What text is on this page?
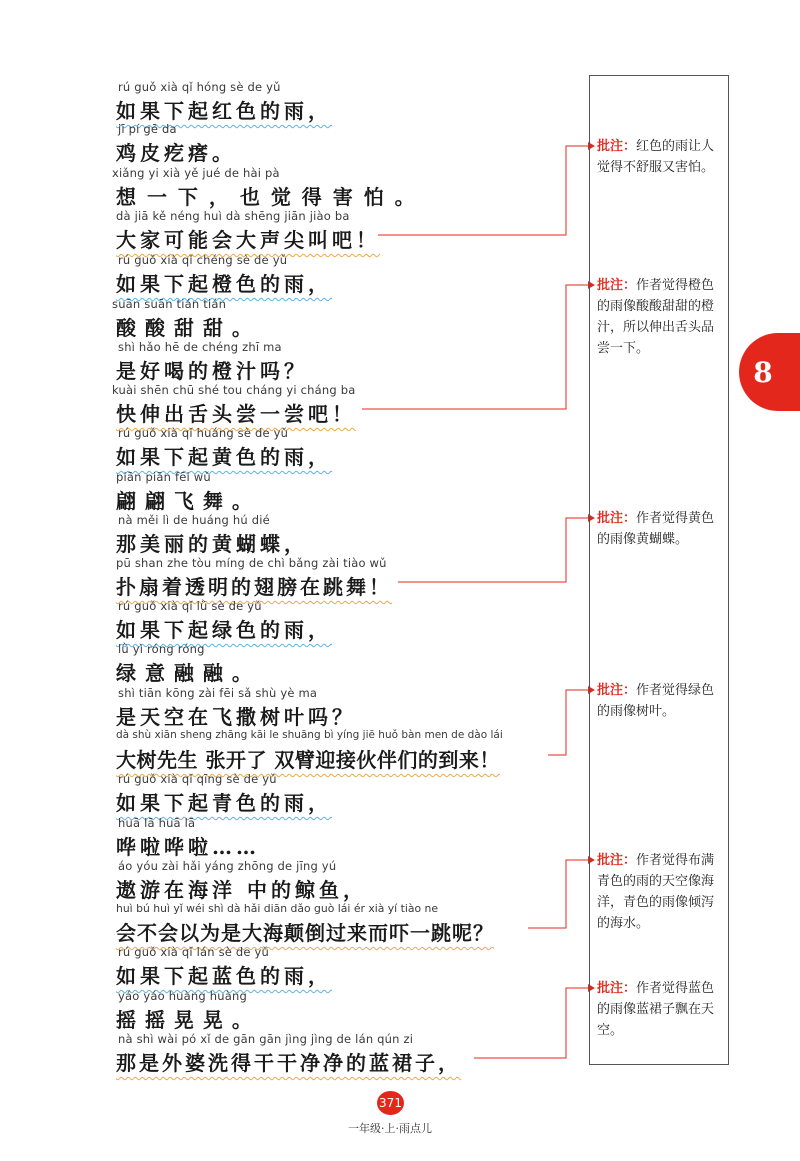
rú guǒ xià qǐ hóng sè de yǔ
如果下起红色的雨，
jī pí gē da
鸡皮疙瘩。
xiǎng yi xià yě jué de hài pà
想 一 下 ， 也 觉 得 害 怕 。
dà jiā kě néng huì dà shēng jiān jiào ba
大家可能会大声尖叫吧！
rú guǒ xià qǐ chéng sè de yǔ
如果下起橙色的雨，
suān suān tián tián
酸 酸 甜 甜 。
shì hǎo hē de chéng zhī ma
是好喝的橙汁吗？
kuài shēn chū shé tou cháng yi cháng ba
快伸出舌头尝一尝吧！
rú guǒ xià qǐ huáng sè de yǔ
如果下起黄色的雨，
piān piān fēi wǔ
翩 翩 飞 舞 。
nà měi lì de huáng hú dié
那美丽的黄蝴蝶，
pū shan zhe tòu míng de chì bǎng zài tiào wǔ
扑扇着透明的翅膀在跳舞！
rú guǒ xià qǐ lǜ sè de yǔ
如果下起绿色的雨，
lǜ yì róng róng
绿 意 融 融 。
shì tiān kōng zài fēi sǎ shù yè ma
是天空在飞撒树叶吗？
dà shù xiān sheng zhāng kāi le shuāng bì yíng jiē huǒ bàn men de dào lái
大树先生 张开了 双臂迎接伙伴们的到来！
rú guǒ xià qǐ qīng sè de yǔ
如果下起青色的雨，
huā lā huā lā
哗啦哗啦……
áo yóu zài hǎi yáng zhōng de jīng yú
遨游在海洋 中的鲸鱼，
huì bú huì yǐ wéi shì dà hǎi diān dǎo guò lái ér xià yí tiào ne
会不会以为是大海颠倒过来而吓一跳呢？
rú guǒ xià qǐ lán sè de yǔ
如果下起蓝色的雨，
yáo yáo huàng huàng
摇 摇 晃 晃 。
nà shì wài pó xǐ de gān gān jìng jìng de lán qún zi
那是外婆洗得干干净净的蓝裙子，
批注：红色的雨让人觉得不舒服又害怕。
批注：作者觉得橙色的雨像酸酸甜甜的橙汁，所以伸出舌头品尝一下。
批注：作者觉得黄色的雨像黄蝴蝶。
批注：作者觉得绿色的雨像树叶。
批注：作者觉得布满青色的雨的天空像海洋，青色的雨像倾泻的海水。
批注：作者觉得蓝色的雨像蓝裙子飘在天空。
8
371
一年级·上·雨点儿
